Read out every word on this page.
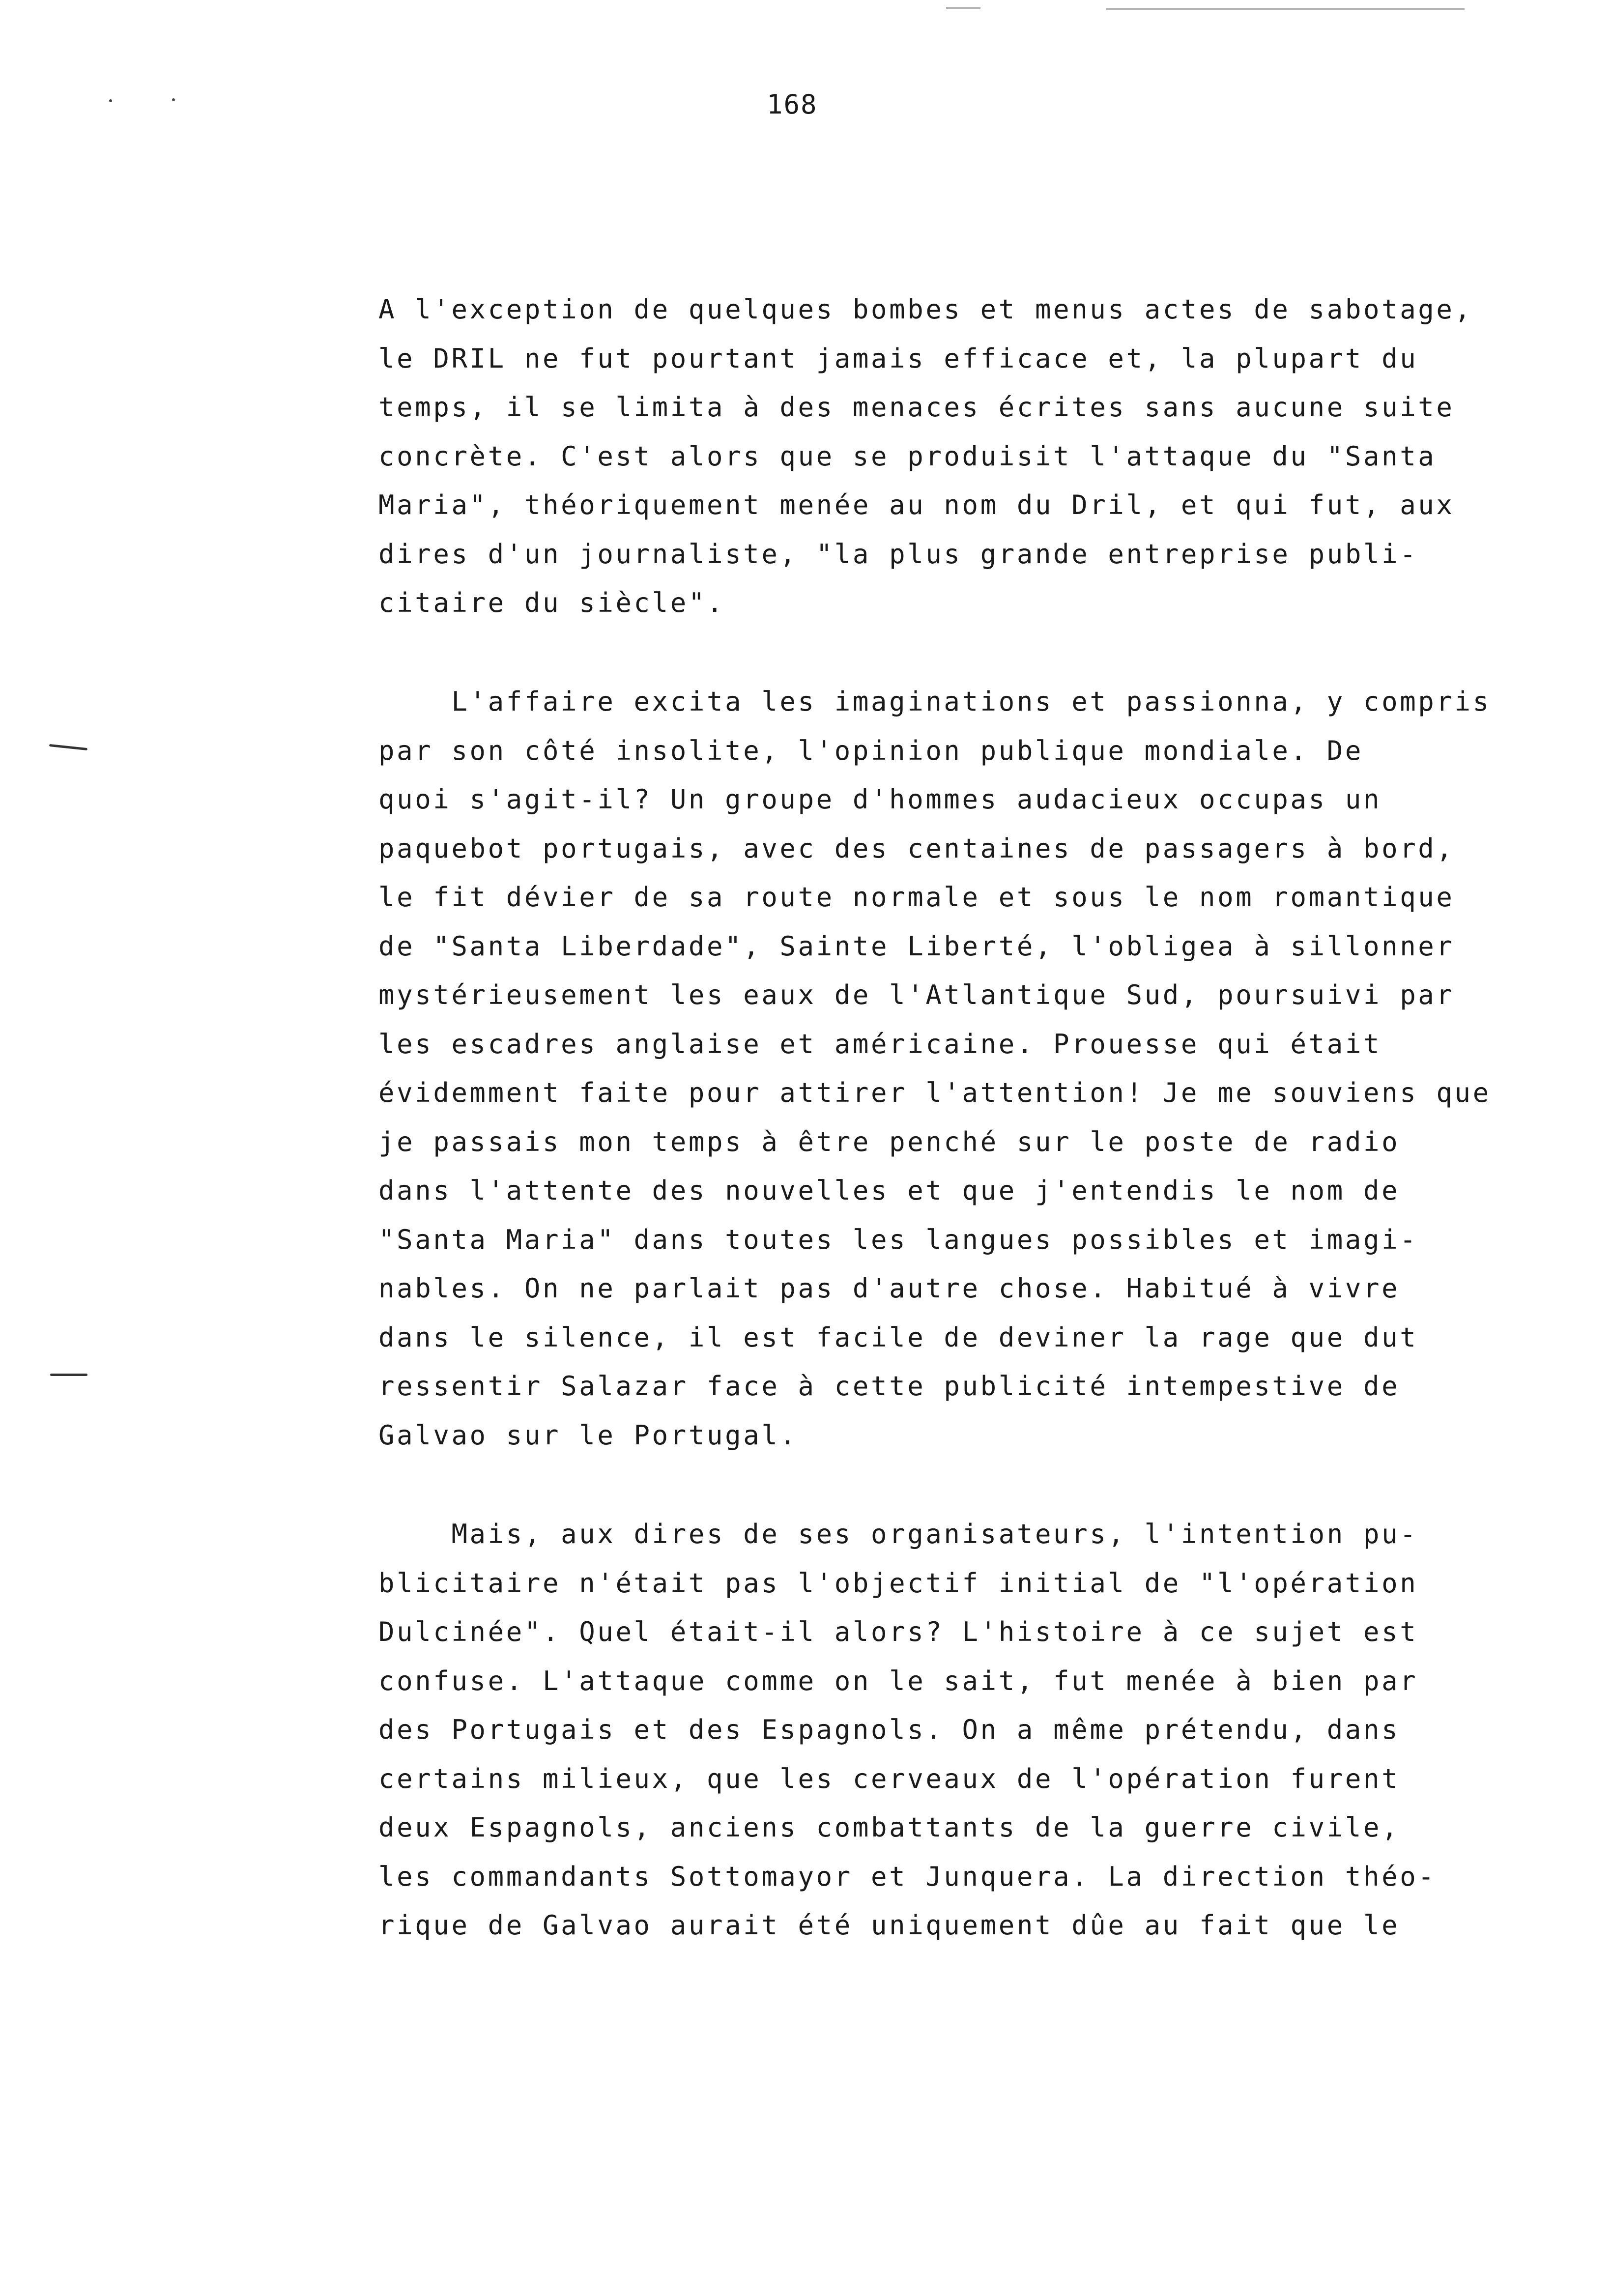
168

A l'exception de quelques bombes et menus actes de sabotage,
le DRIL ne fut pourtant jamais efficace et, la plupart du
temps, il se limita à des menaces écrites sans aucune suite
concrète. C'est alors que se produisit l'attaque du "Santa
Maria", théoriquement menée au nom du Dril, et qui fut, aux
dires d'un journaliste, "la plus grande entreprise publi-
citaire du siècle".

L'affaire excita les imaginations et passionna, y compris
par son côté insolite, l'opinion publique mondiale. De
quoi s'agit-il? Un groupe d'hommes audacieux occupas un
paquebot portugais, avec des centaines de passagers à bord,
le fit dévier de sa route normale et sous le nom romantique
de "Santa Liberdade", Sainte Liberté, l'obligea à sillonner
mystérieusement les eaux de l'Atlantique Sud, poursuivi par
les escadres anglaise et américaine. Prouesse qui était
évidemment faite pour attirer l'attention! Je me souviens que
je passais mon temps à être penché sur le poste de radio
dans l'attente des nouvelles et que j'entendis le nom de
"Santa Maria" dans toutes les langues possibles et imagi-
nables. On ne parlait pas d'autre chose. Habitué à vivre
dans le silence, il est facile de deviner la rage que dut
ressentir Salazar face à cette publicité intempestive de
Galvao sur le Portugal.

Mais, aux dires de ses organisateurs, l'intention pu-
blicitaire n'était pas l'objectif initial de "l'opération
Dulcinée". Quel était-il alors? L'histoire à ce sujet est
confuse. L'attaque comme on le sait, fut menée à bien par
des Portugais et des Espagnols. On a même prétendu, dans
certains milieux, que les cerveaux de l'opération furent
deux Espagnols, anciens combattants de la guerre civile,
les commandants Sottomayor et Junquera. La direction théo-
rique de Galvao aurait été uniquement dûe au fait que le
